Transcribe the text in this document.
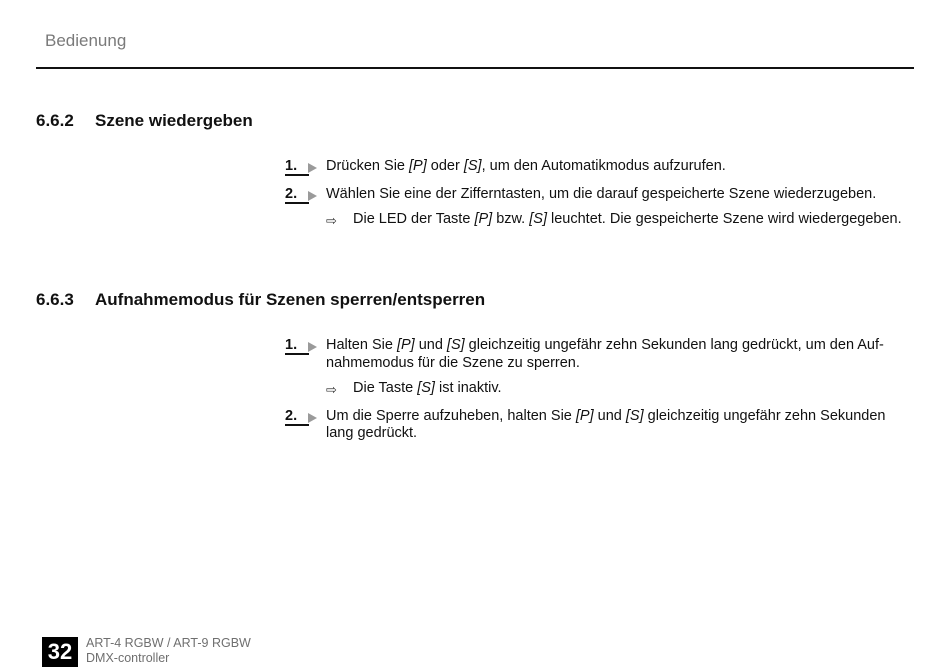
Bedienung
6.6.2 Szene wiedergeben
1. Drücken Sie [P] oder [S], um den Automatikmodus aufzurufen.
2. Wählen Sie eine der Zifferntasten, um die darauf gespeicherte Szene wiederzugeben.
⇨ Die LED der Taste [P] bzw. [S] leuchtet. Die gespeicherte Szene wird wiedergegeben.
6.6.3 Aufnahmemodus für Szenen sperren/entsperren
1. Halten Sie [P] und [S] gleichzeitig ungefähr zehn Sekunden lang gedrückt, um den Aufnahmemodus für die Szene zu sperren.
⇨ Die Taste [S] ist inaktiv.
2. Um die Sperre aufzuheben, halten Sie [P] und [S] gleichzeitig ungefähr zehn Sekunden lang gedrückt.
32	ART-4 RGBW / ART-9 RGBW
DMX-controller
